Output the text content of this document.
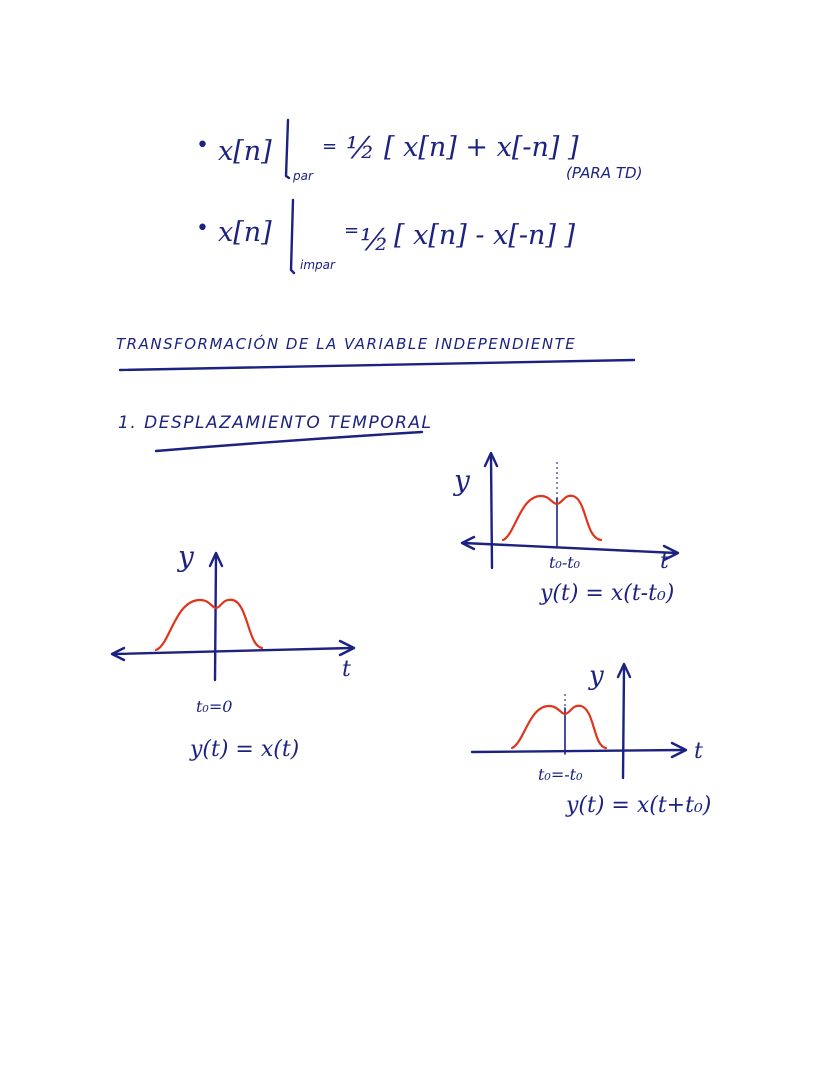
• x[n]
par
= ½ [ x[n] + x[-n] ]
• x[n]
impar
= ½ [ x[n] - x[-n] ]
(PARA TD)
TRANSFORMACIÓN DE LA VARIABLE INDEPENDIENTE
1. DESPLAZAMIENTO TEMPORAL
y
t
t₀=0
y(t) = x(t)
y
t
t₀-t₀
y(t) = x(t-t₀)
y
t
t₀=-t₀
y(t) = x(t+t₀)
